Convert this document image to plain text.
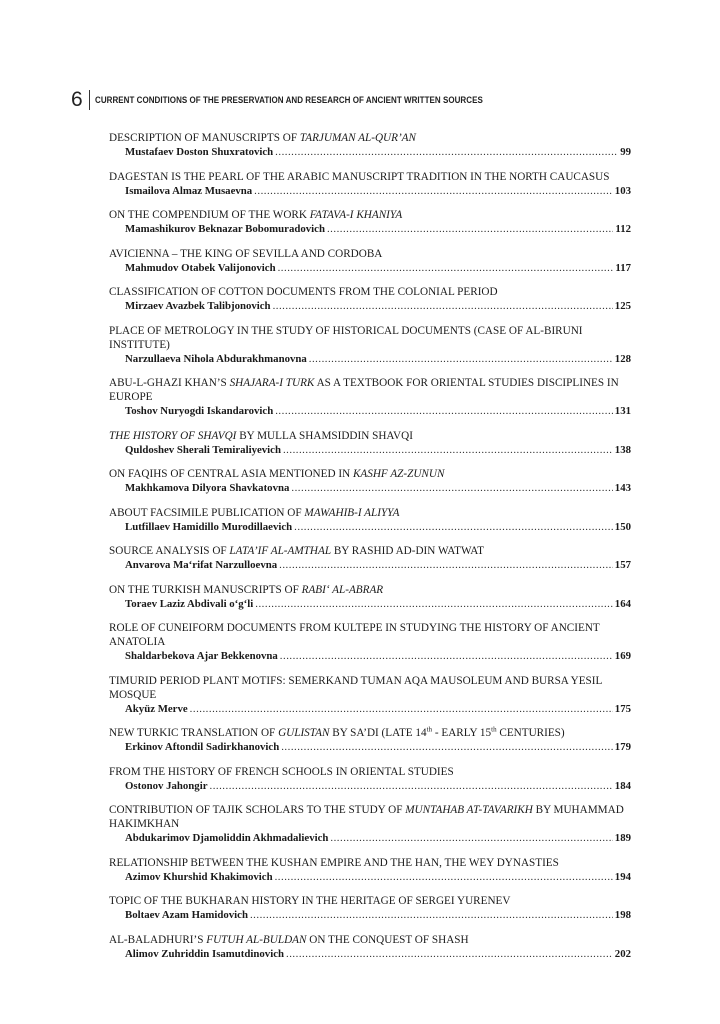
6 CURRENT CONDITIONS OF THE PRESERVATION AND RESEARCH OF ANCIENT WRITTEN SOURCES
DESCRIPTION OF MANUSCRIPTS OF TARJUMAN AL-QUR’AN
Mustafaev Doston Shuxratovich .....	99
DAGESTAN IS THE PEARL OF THE ARABIC MANUSCRIPT TRADITION IN THE NORTH CAUCASUS
Ismailova Almaz Musaevna .....	103
ON THE COMPENDIUM OF THE WORK FATAVA-I KHANIYA
Mamashikurov Beknazar Bobomuradovich .....	112
AVICIENNA – THE KING OF SEVILLA AND CORDOBA
Mahmudov Otabek Valijonovich .....	117
CLASSIFICATION OF COTTON DOCUMENTS FROM THE COLONIAL PERIOD
Mirzaev Avazbek Talibjonovich .....	125
PLACE OF METROLOGY IN THE STUDY OF HISTORICAL DOCUMENTS (CASE OF AL-BIRUNI INSTITUTE)
Narzullaeva Nihola Abdurakhmanovna .....	128
ABU-L-GHAZI KHAN’S SHAJARA-I TURK AS A TEXTBOOK FOR ORIENTAL STUDIES DISCIPLINES IN EUROPE
Toshov Nuryogdi Iskandarovich .....	131
THE HISTORY OF SHAVQI BY MULLA SHAMSIDDIN SHAVQI
Quldoshev Sherali Temiraliyevich .....	138
ON FAQIHS OF CENTRAL ASIA MENTIONED IN KASHF AZ-ZUNUN
Makhkamova Dilyora Shavkatovna .....	143
ABOUT FACSIMILE PUBLICATION OF MAWAHIB-I ALIYYA
Lutfillaev Hamidillo Murodillaevich .....	150
SOURCE ANALYSIS OF LATA’IF AL-AMTHAL BY RASHID AD-DIN WATWAT
Anvarova Ma‘rifat Narzulloevna .....	157
ON THE TURKISH MANUSCRIPTS OF RABI‘ AL-ABRAR
Toraev Laziz Abdivali o‘g‘li .....	164
ROLE OF CUNEIFORM DOCUMENTS FROM KULTEPE IN STUDYING THE HISTORY OF ANCIENT ANATOLIA
Shaldarbekova Ajar Bekkenovna .....	169
TIMURID PERIOD PLANT MOTIFS: SEMERKAND TUMAN AQA MAUSOLEUM AND BURSA YESIL MOSQUE
Akyüz Merve .....	175
NEW TURKIC TRANSLATION OF GULISTAN BY SA’DI (LATE 14th - EARLY 15th CENTURIES)
Erkinov Aftondil Sadirkhanovich .....	179
FROM THE HISTORY OF FRENCH SCHOOLS IN ORIENTAL STUDIES
Ostonov Jahongir .....	184
CONTRIBUTION OF TAJIK SCHOLARS TO THE STUDY OF MUNTAHAB AT-TAVARIKH BY MUHAMMAD HAKIMKHAN
Abdukarimov Djamoliddin Akhmadalievich .....	189
RELATIONSHIP BETWEEN THE KUSHAN EMPIRE AND THE HAN, THE WEY DYNASTIES
Azimov Khurshid Khakimovich .....	194
TOPIC OF THE BUKHARAN HISTORY IN THE HERITAGE OF SERGEI YURENEV
Boltaev Azam Hamidovich .....	198
AL-BALADHURI’S FUTUH AL-BULDAN ON THE CONQUEST OF SHASH
Alimov Zuhriddin Isamutdinovich .....	202
